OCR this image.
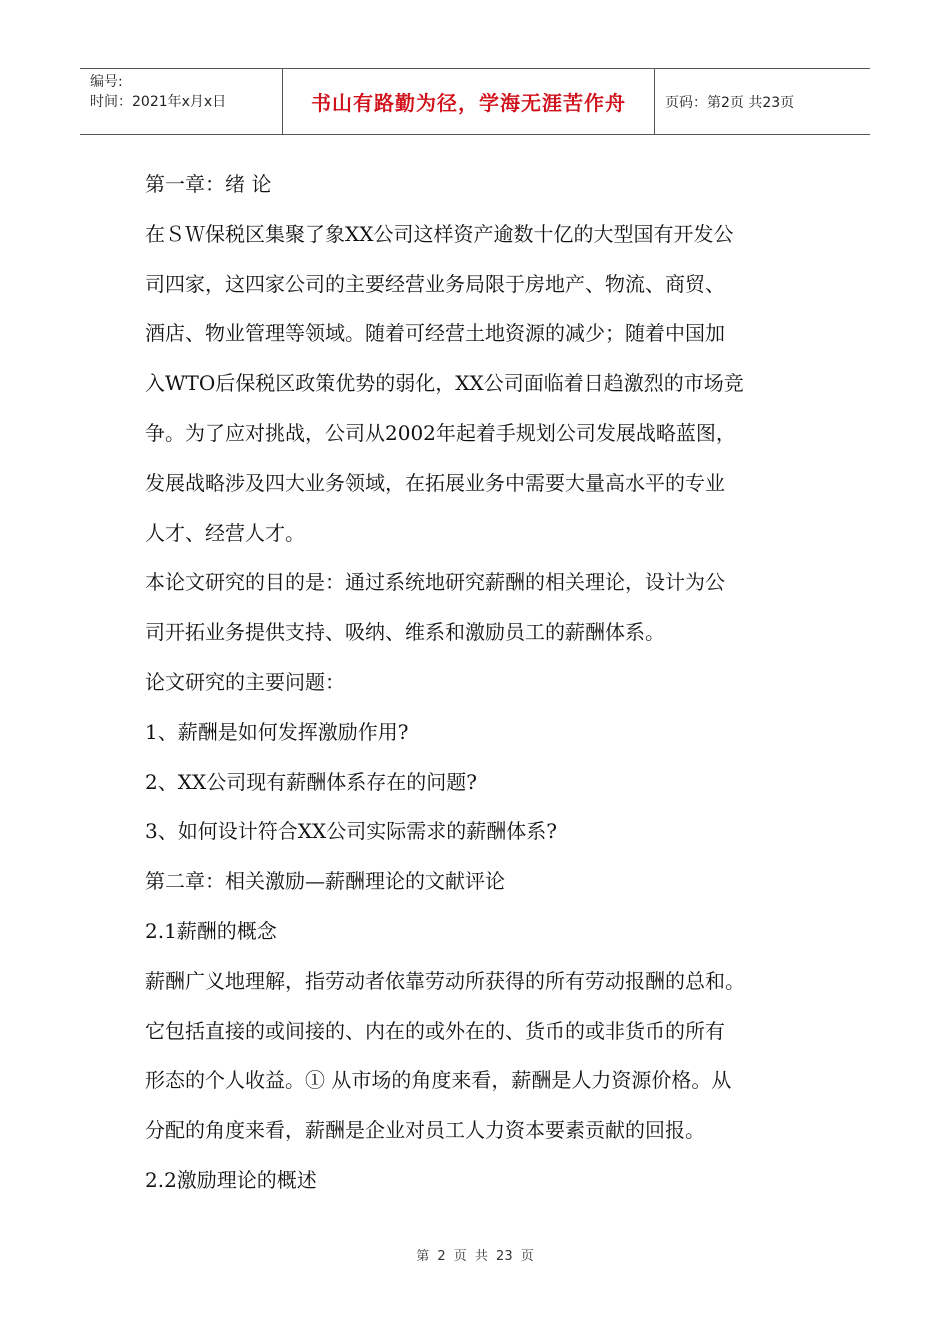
编号:
时间：2021年x月x日	书山有路勤为径，学海无涯苦作舟	页码：第2页 共23页
第一章：绪 论
在ＳＷ保税区集聚了象XX公司这样资产逾数十亿的大型国有开发公
司四家，这四家公司的主要经营业务局限于房地产、物流、商贸、
酒店、物业管理等领域。随着可经营土地资源的减少；随着中国加
入WTO后保税区政策优势的弱化，XX公司面临着日趋激烈的市场竞
争。为了应对挑战，公司从2002年起着手规划公司发展战略蓝图，
发展战略涉及四大业务领域，在拓展业务中需要大量高水平的专业
人才、经营人才。
本论文研究的目的是：通过系统地研究薪酬的相关理论，设计为公
司开拓业务提供支持、吸纳、维系和激励员工的薪酬体系。
论文研究的主要问题：
1、薪酬是如何发挥激励作用?
2、XX公司现有薪酬体系存在的问题?
3、如何设计符合XX公司实际需求的薪酬体系?
第二章：相关激励—薪酬理论的文献评论
2.1薪酬的概念
薪酬广义地理解，指劳动者依靠劳动所获得的所有劳动报酬的总和。
它包括直接的或间接的、内在的或外在的、货币的或非货币的所有
形态的个人收益。① 从市场的角度来看，薪酬是人力资源价格。从
分配的角度来看，薪酬是企业对员工人力资本要素贡献的回报。
2.2激励理论的概述
第 2 页 共 23 页
